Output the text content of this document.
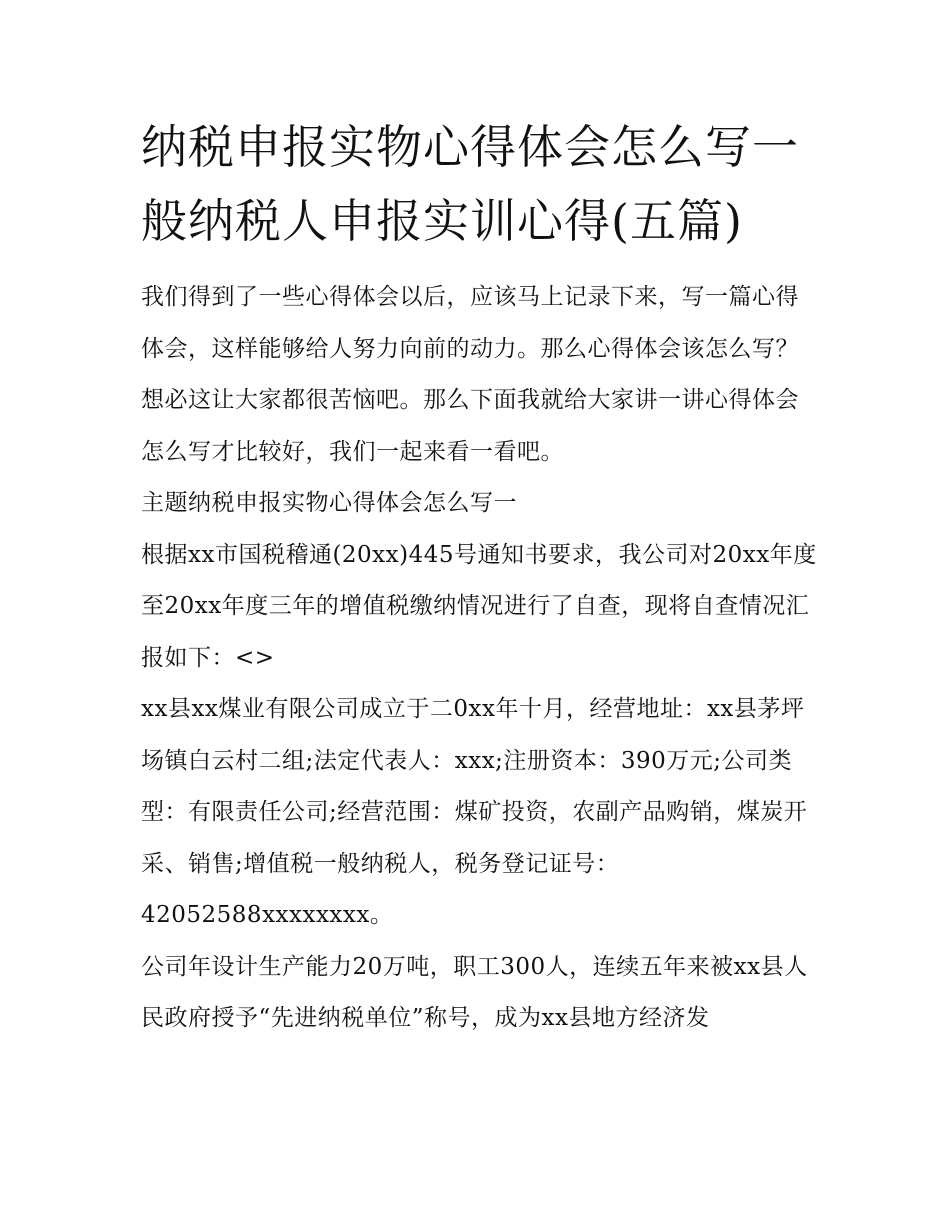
纳税申报实物心得体会怎么写一般纳税人申报实训心得(五篇)

我们得到了一些心得体会以后，应该马上记录下来，写一篇心得体会，这样能够给人努力向前的动力。那么心得体会该怎么写？想必这让大家都很苦恼吧。那么下面我就给大家讲一讲心得体会怎么写才比较好，我们一起来看一看吧。

主题纳税申报实物心得体会怎么写一

根据xx市国税稽通(20xx)445号通知书要求，我公司对20xx年度至20xx年度三年的增值税缴纳情况进行了自查，现将自查情况汇报如下：<>

xx县xx煤业有限公司成立于二0xx年十月，经营地址：xx县茅坪场镇白云村二组;法定代表人：xxx;注册资本：390万元;公司类型：有限责任公司;经营范围：煤矿投资，农副产品购销，煤炭开采、销售;增值税一般纳税人，税务登记证号：42052588xxxxxxxx。

公司年设计生产能力20万吨，职工300人，连续五年来被xx县人民政府授予“先进纳税单位”称号，成为xx县地方经济发
